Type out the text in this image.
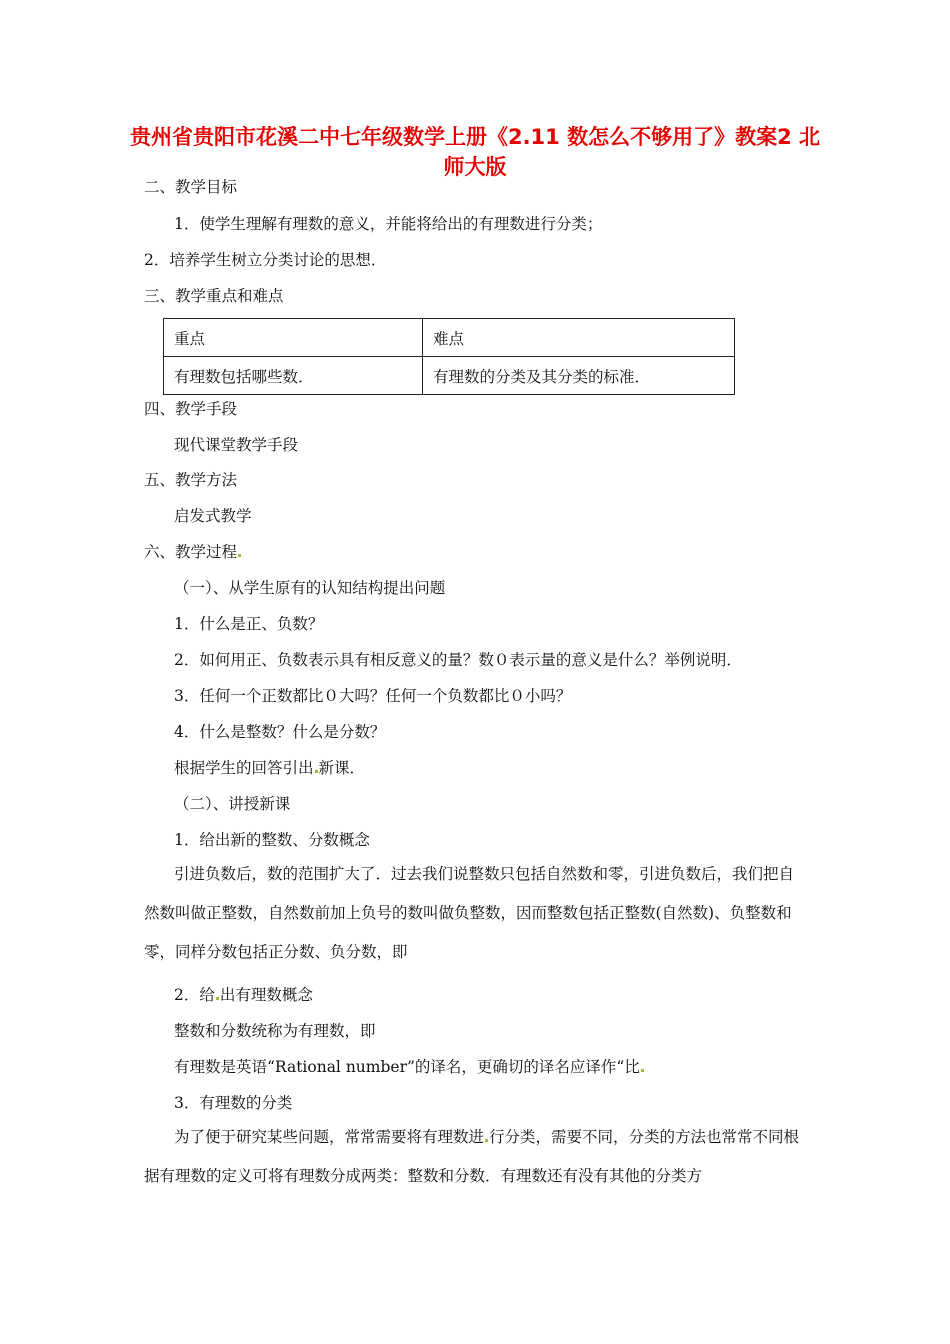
贵州省贵阳市花溪二中七年级数学上册《2.11 数怎么不够用了》教案2 北师大版
二、教学目标
1．使学生理解有理数的意义，并能将给出的有理数进行分类；
2．培养学生树立分类讨论的思想．
三、教学重点和难点
重点	难点
有理数包括哪些数．	有理数的分类及其分类的标准．
四、教学手段
现代课堂教学手段
五、教学方法
启发式教学
六、教学过程
（一）、从学生原有的认知结构提出问题
1．什么是正、负数？
2．如何用正、负数表示具有相反意义的量？数０表示量的意义是什么？举例说明．
3．任何一个正数都比０大吗？任何一个负数都比０小吗？
4．什么是整数？什么是分数？
根据学生的回答引出 新课．
（二）、讲授新课
1．给出新的整数、分数概念
引进负数后，数的范围扩大了．过去我们说整数只包括自然数和零，引进负数后，我们把自然数叫做正整数，自然数前加上负号的数叫做负整数，因而整数包括正整数(自然数)、负整数和零，同样分数包括正分数、负分数，即
2．给 出有理数概念
整数和分数统称为有理数，即
有理数是英语“Rational number”的译名，更确切的译名应译作“比
3．有理数的分类
为了便于研究某些问题，常常需要将有理数进 行分类，需要不同，分类的方法也常常不同根据有理数的定义可将有理数分成两类：整数和分数．有理数还有没有其他的分类方
